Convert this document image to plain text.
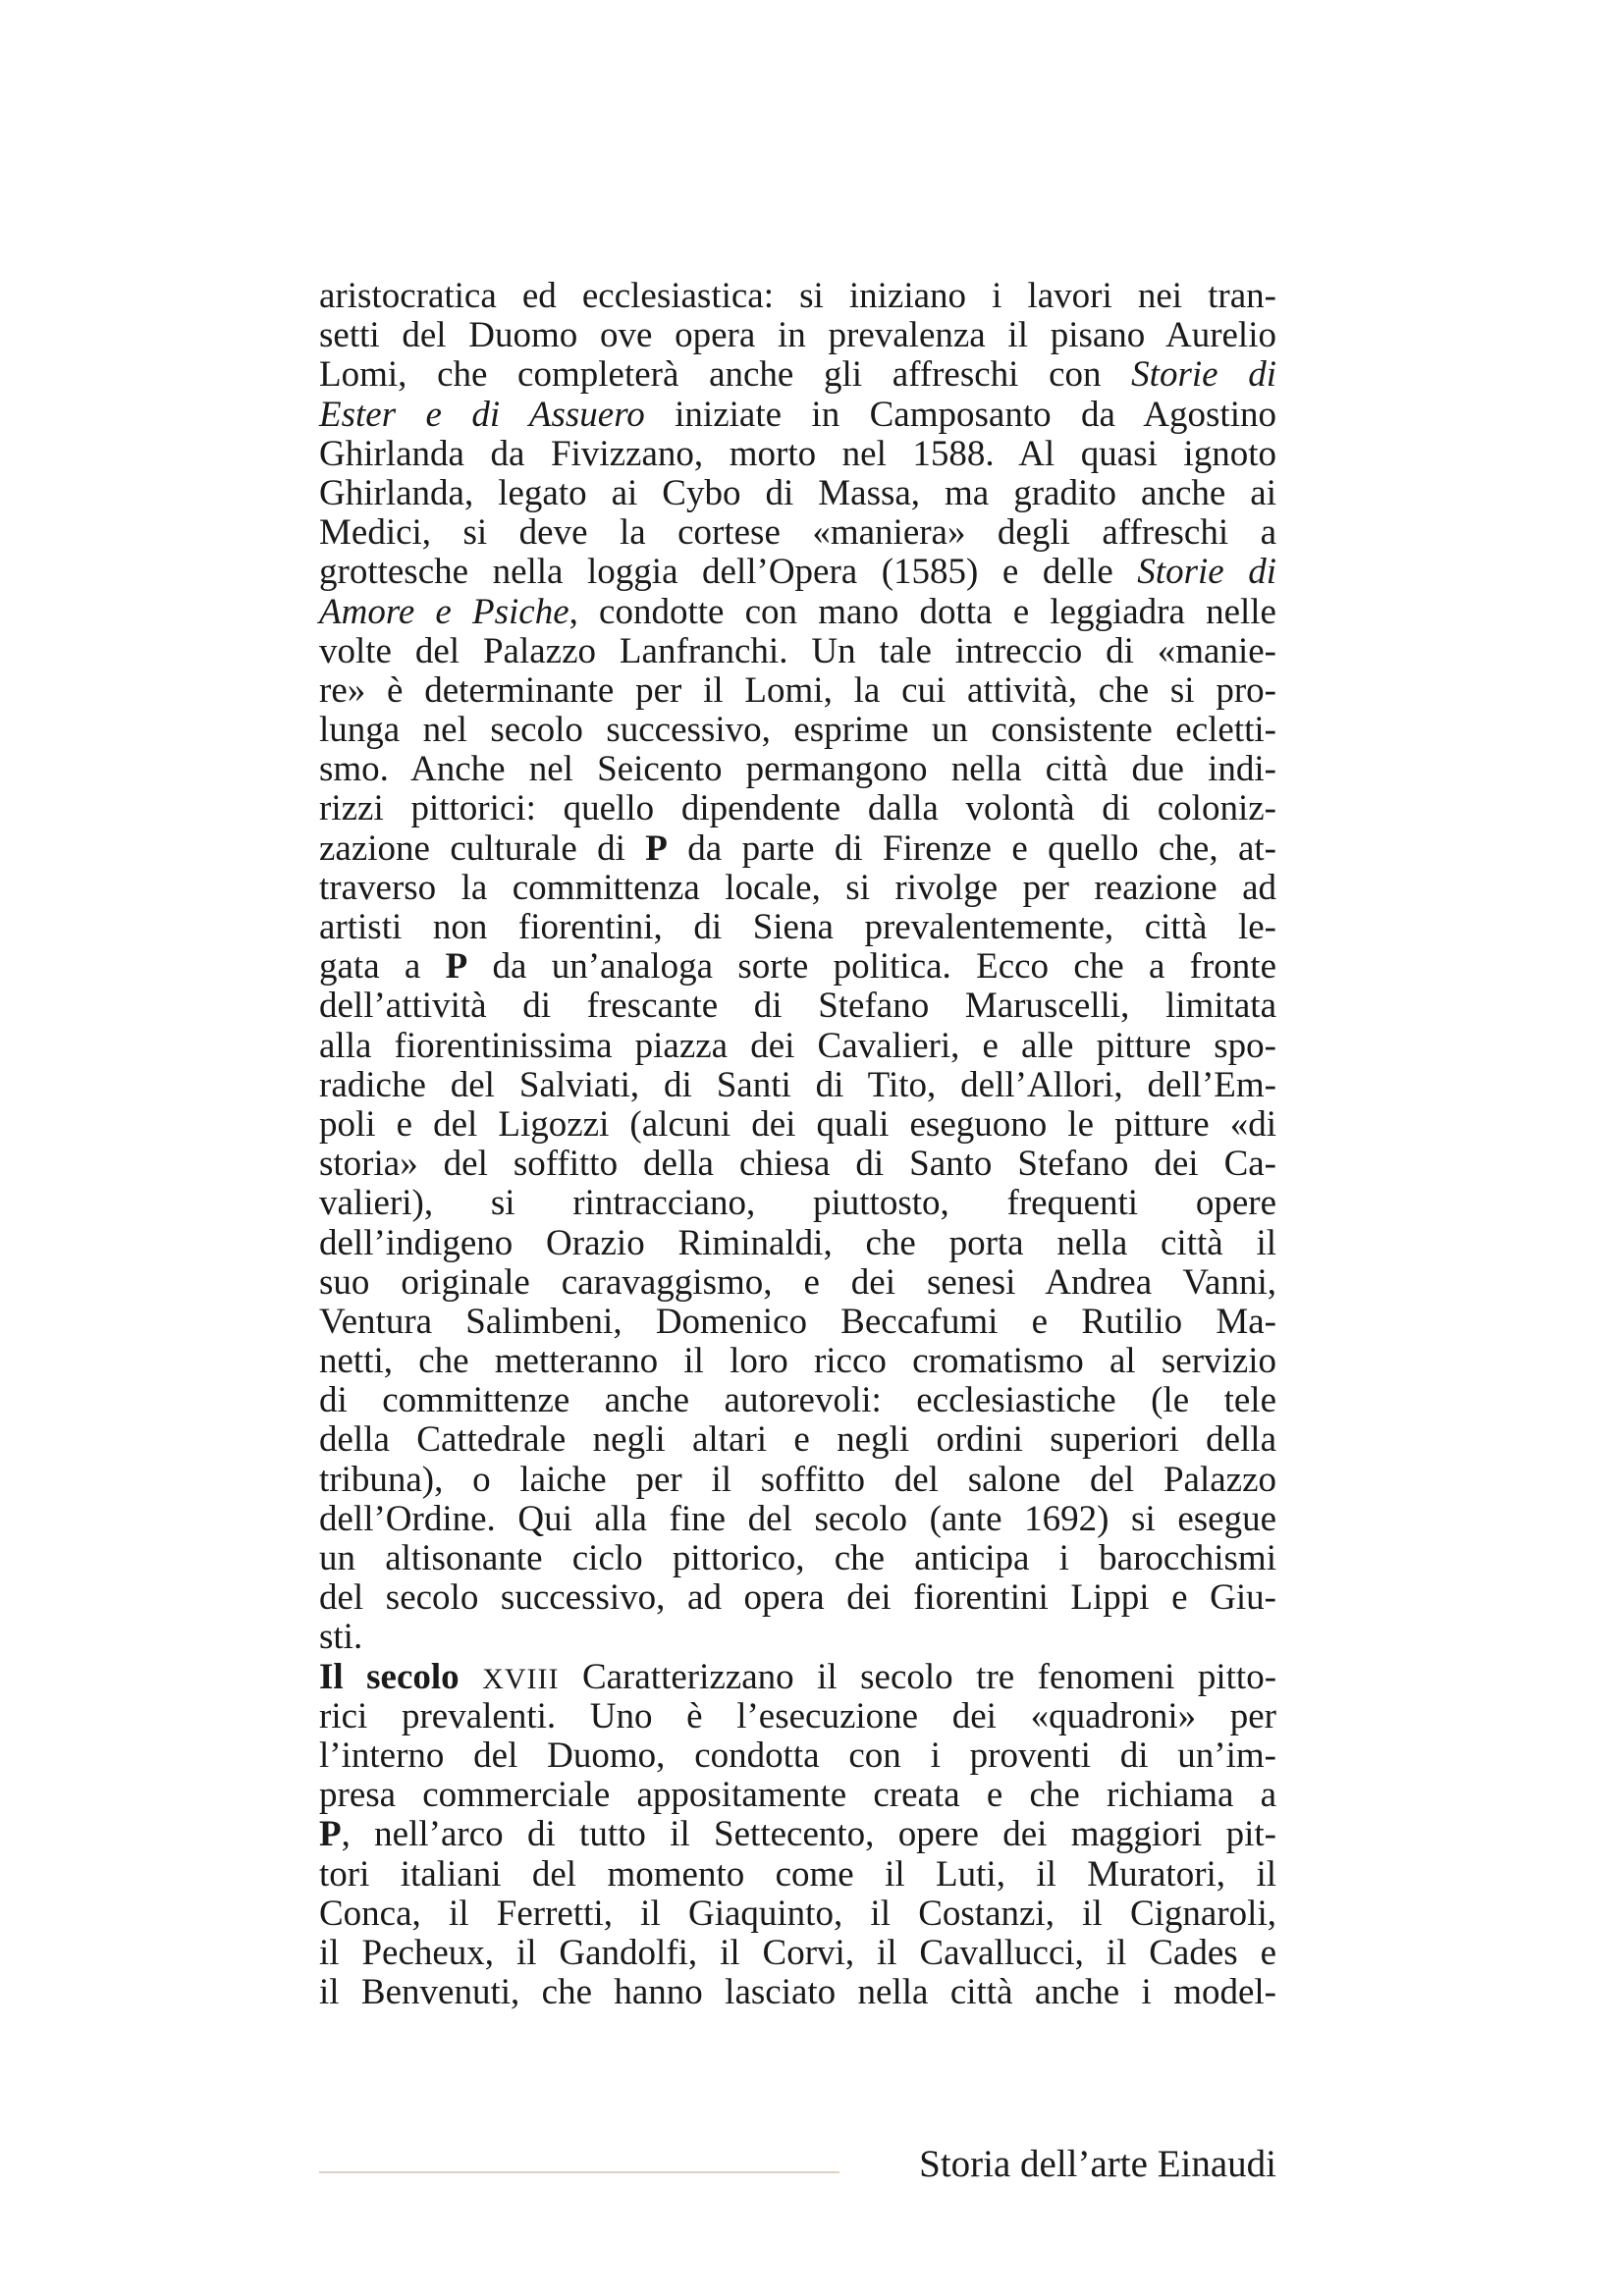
aristocratica ed ecclesiastica: si iniziano i lavori nei tran-
setti del Duomo ove opera in prevalenza il pisano Aurelio
Lomi, che completerà anche gli affreschi con Storie di
Ester e di Assuero iniziate in Camposanto da Agostino
Ghirlanda da Fivizzano, morto nel 1588. Al quasi ignoto
Ghirlanda, legato ai Cybo di Massa, ma gradito anche ai
Medici, si deve la cortese «maniera» degli affreschi a
grottesche nella loggia dell’Opera (1585) e delle Storie di
Amore e Psiche, condotte con mano dotta e leggiadra nelle
volte del Palazzo Lanfranchi. Un tale intreccio di «manie-
re» è determinante per il Lomi, la cui attività, che si pro-
lunga nel secolo successivo, esprime un consistente ecletti-
smo. Anche nel Seicento permangono nella città due indi-
rizzi pittorici: quello dipendente dalla volontà di coloniz-
zazione culturale di P da parte di Firenze e quello che, at-
traverso la committenza locale, si rivolge per reazione ad
artisti non fiorentini, di Siena prevalentemente, città le-
gata a P da un’analoga sorte politica. Ecco che a fronte
dell’attività di frescante di Stefano Maruscelli, limitata
alla fiorentinissima piazza dei Cavalieri, e alle pitture spo-
radiche del Salviati, di Santi di Tito, dell’Allori, dell’Em-
poli e del Ligozzi (alcuni dei quali eseguono le pitture «di
storia» del soffitto della chiesa di Santo Stefano dei Ca-
valieri), si rintracciano, piuttosto, frequenti opere
dell’indigeno Orazio Riminaldi, che porta nella città il
suo originale caravaggismo, e dei senesi Andrea Vanni,
Ventura Salimbeni, Domenico Beccafumi e Rutilio Ma-
netti, che metteranno il loro ricco cromatismo al servizio
di committenze anche autorevoli: ecclesiastiche (le tele
della Cattedrale negli altari e negli ordini superiori della
tribuna), o laiche per il soffitto del salone del Palazzo
dell’Ordine. Qui alla fine del secolo (ante 1692) si esegue
un altisonante ciclo pittorico, che anticipa i barocchismi
del secolo successivo, ad opera dei fiorentini Lippi e Giu-
sti.
Il secolo XVIII Caratterizzano il secolo tre fenomeni pitto-
rici prevalenti. Uno è l’esecuzione dei «quadroni» per
l’interno del Duomo, condotta con i proventi di un’im-
presa commerciale appositamente creata e che richiama a
P, nell’arco di tutto il Settecento, opere dei maggiori pit-
tori italiani del momento come il Luti, il Muratori, il
Conca, il Ferretti, il Giaquinto, il Costanzi, il Cignaroli,
il Pecheux, il Gandolfi, il Corvi, il Cavallucci, il Cades e
il Benvenuti, che hanno lasciato nella città anche i model-
Storia dell’arte Einaudi
